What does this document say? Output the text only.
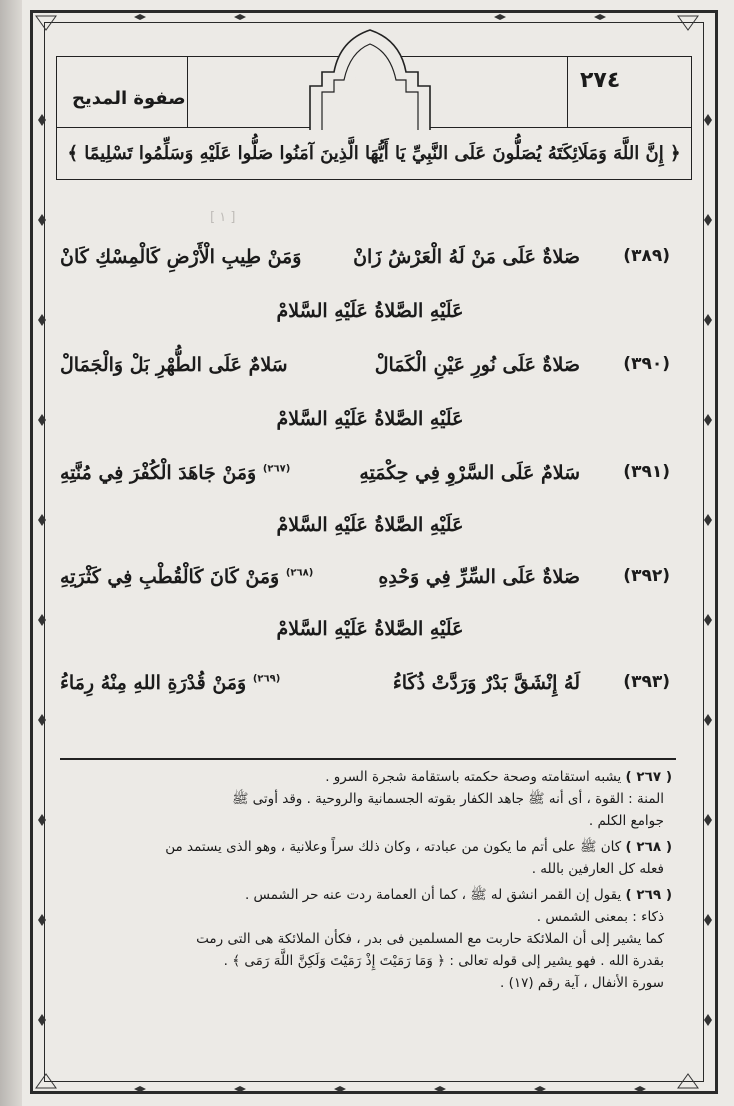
٢٧٤
صفوة المديح
﴿ إِنَّ اللَّهَ وَمَلَائِكَتَهُ يُصَلُّونَ عَلَى النَّبِيِّ يَا أَيُّهَا الَّذِينَ آمَنُوا صَلُّوا عَلَيْهِ وَسَلِّمُوا تَسْلِيمًا ﴾
[ ١ ]
(٣٨٩)
صَلاةٌ عَلَى مَنْ لَهُ الْعَرْشُ زَانْ
وَمَنْ طِيبِ الْأَرْضِ كَالْمِسْكِ كَانْ
عَلَيْهِ الصَّلاةُ عَلَيْهِ السَّلامْ
(٣٩٠)
صَلاةٌ عَلَى نُورِ عَيْنِ الْكَمَالْ
سَلامٌ عَلَى الطُّهْرِ بَلْ وَالْجَمَالْ
عَلَيْهِ الصَّلاةُ عَلَيْهِ السَّلامْ
(٣٩١)
سَلامٌ عَلَى السَّرْوِ فِي حِكْمَتِهِ
$^{(٢٦٧)}$ وَمَنْ جَاهَدَ الْكُفْرَ فِي مُنَّتِهِ
عَلَيْهِ الصَّلاةُ عَلَيْهِ السَّلامْ
(٣٩٢)
صَلاةٌ عَلَى السِّرِّ فِي وَحْدِهِ
$^{(٢٦٨)}$ وَمَنْ كَانَ كَالْقُطْبِ فِي كَثْرَتِهِ
عَلَيْهِ الصَّلاةُ عَلَيْهِ السَّلامْ
(٣٩٣)
لَهُ إِنْشَقَّ بَدْرٌ وَرَدَّتْ ذُكَاءُ
$^{(٢٦٩)}$ وَمَنْ قُدْرَةِ اللهِ مِنْهُ رِمَاءُ
( ٢٦٧ ) يشبه استقامته وصحة حكمته باستقامة شجرة السرو .
المنة : القوة ، أى أنه ﷺ جاهد الكفار بقوته الجسمانية والروحية . وقد أوتى ﷺ
جوامع الكلم .
( ٢٦٨ ) كان ﷺ على أتم ما يكون من عبادته ، وكان ذلك سراً وعلانية ، وهو الذى يستمد من
فعله كل العارفين بالله .
( ٢٦٩ ) يقول إن القمر انشق له ﷺ ، كما أن العمامة ردت عنه حر الشمس .
ذكاء : بمعنى الشمس .
كما يشير إلى أن الملائكة حاربت مع المسلمين فى بدر ، فكأن الملائكة هى التى رمت
بقدرة الله . فهو يشير إلى قوله تعالى : ﴿ وَمَا رَمَيْتَ إِذْ رَمَيْتَ وَلَكِنَّ اللَّهَ رَمَى ﴾ .
سورة الأنفال ، آية رقم (١٧) .
